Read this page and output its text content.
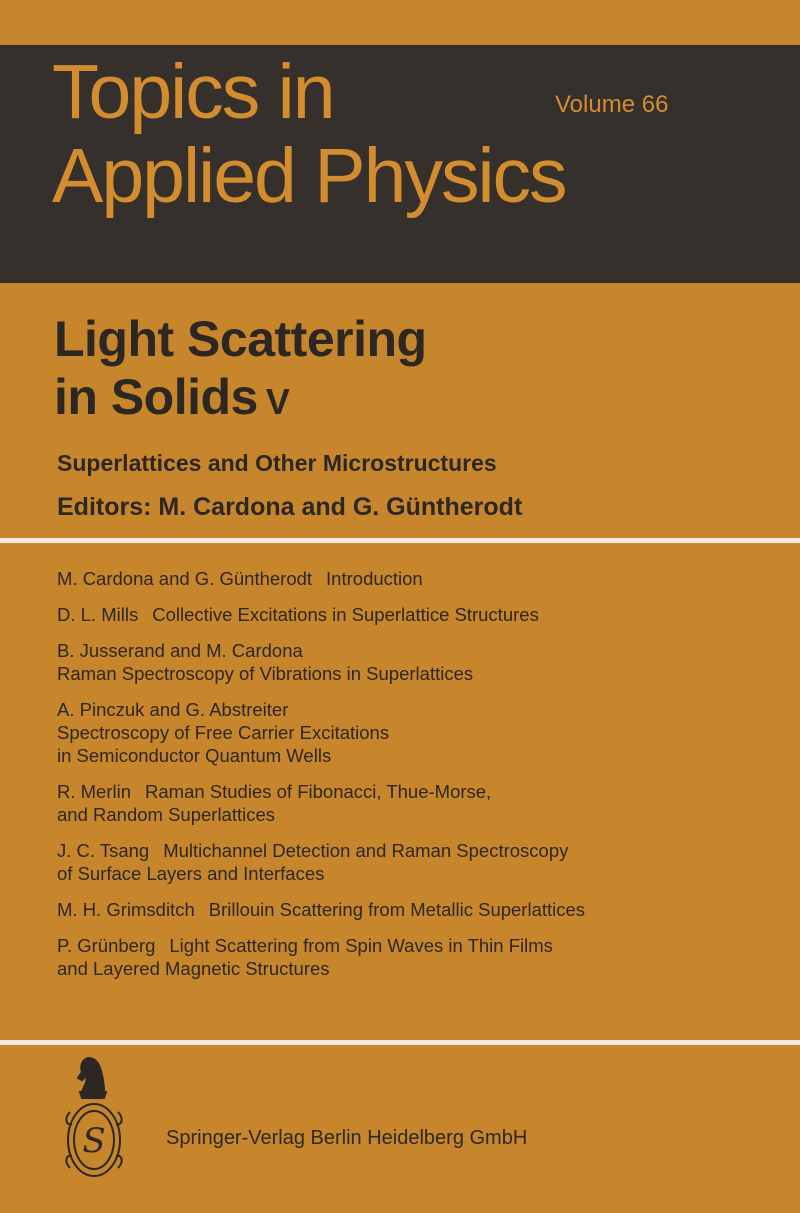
Topics in
Applied Physics
Volume 66
Light Scattering
in Solids V
Superlattices and Other Microstructures
Editors: M. Cardona and G. Güntherodt
M. Cardona and G. Güntherodt Introduction
D. L. Mills Collective Excitations in Superlattice Structures
B. Jusserand and M. Cardona
Raman Spectroscopy of Vibrations in Superlattices
A. Pinczuk and G. Abstreiter
Spectroscopy of Free Carrier Excitations
in Semiconductor Quantum Wells
R. Merlin Raman Studies of Fibonacci, Thue-Morse,
and Random Superlattices
J. C. Tsang Multichannel Detection and Raman Spectroscopy
of Surface Layers and Interfaces
M. H. Grimsditch Brillouin Scattering from Metallic Superlattices
P. Grünberg Light Scattering from Spin Waves in Thin Films
and Layered Magnetic Structures
S	Springer-Verlag Berlin Heidelberg GmbH
